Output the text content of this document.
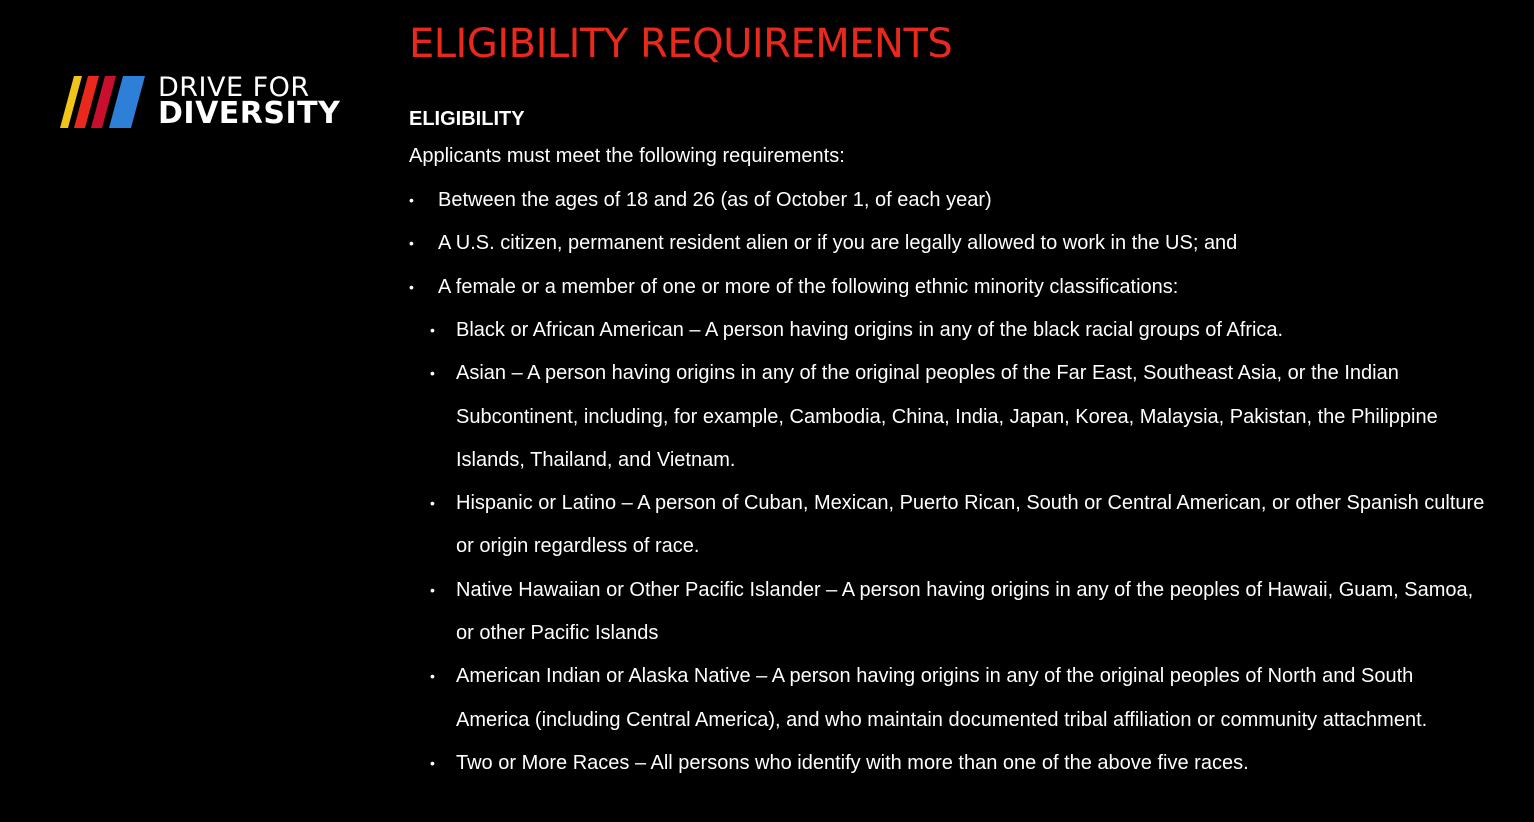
DRIVE FOR
DIVERSITY
ELIGIBILITY REQUIREMENTS
ELIGIBILITY

Applicants must meet the following requirements:

• Between the ages of 18 and 26 (as of October 1, of each year)
• A U.S. citizen, permanent resident alien or if you are legally allowed to work in the US; and
• A female or a member of one or more of the following ethnic minority classifications:
• Black or African American – A person having origins in any of the black racial groups of Africa.
• Asian – A person having origins in any of the original peoples of the Far East, Southeast Asia, or the Indian Subcontinent, including, for example, Cambodia, China, India, Japan, Korea, Malaysia, Pakistan, the Philippine Islands, Thailand, and Vietnam.
• Hispanic or Latino – A person of Cuban, Mexican, Puerto Rican, South or Central American, or other Spanish culture or origin regardless of race.
• Native Hawaiian or Other Pacific Islander – A person having origins in any of the peoples of Hawaii, Guam, Samoa, or other Pacific Islands
• American Indian or Alaska Native – A person having origins in any of the original peoples of North and South America (including Central America), and who maintain documented tribal affiliation or community attachment.
• Two or More Races – All persons who identify with more than one of the above five races.
